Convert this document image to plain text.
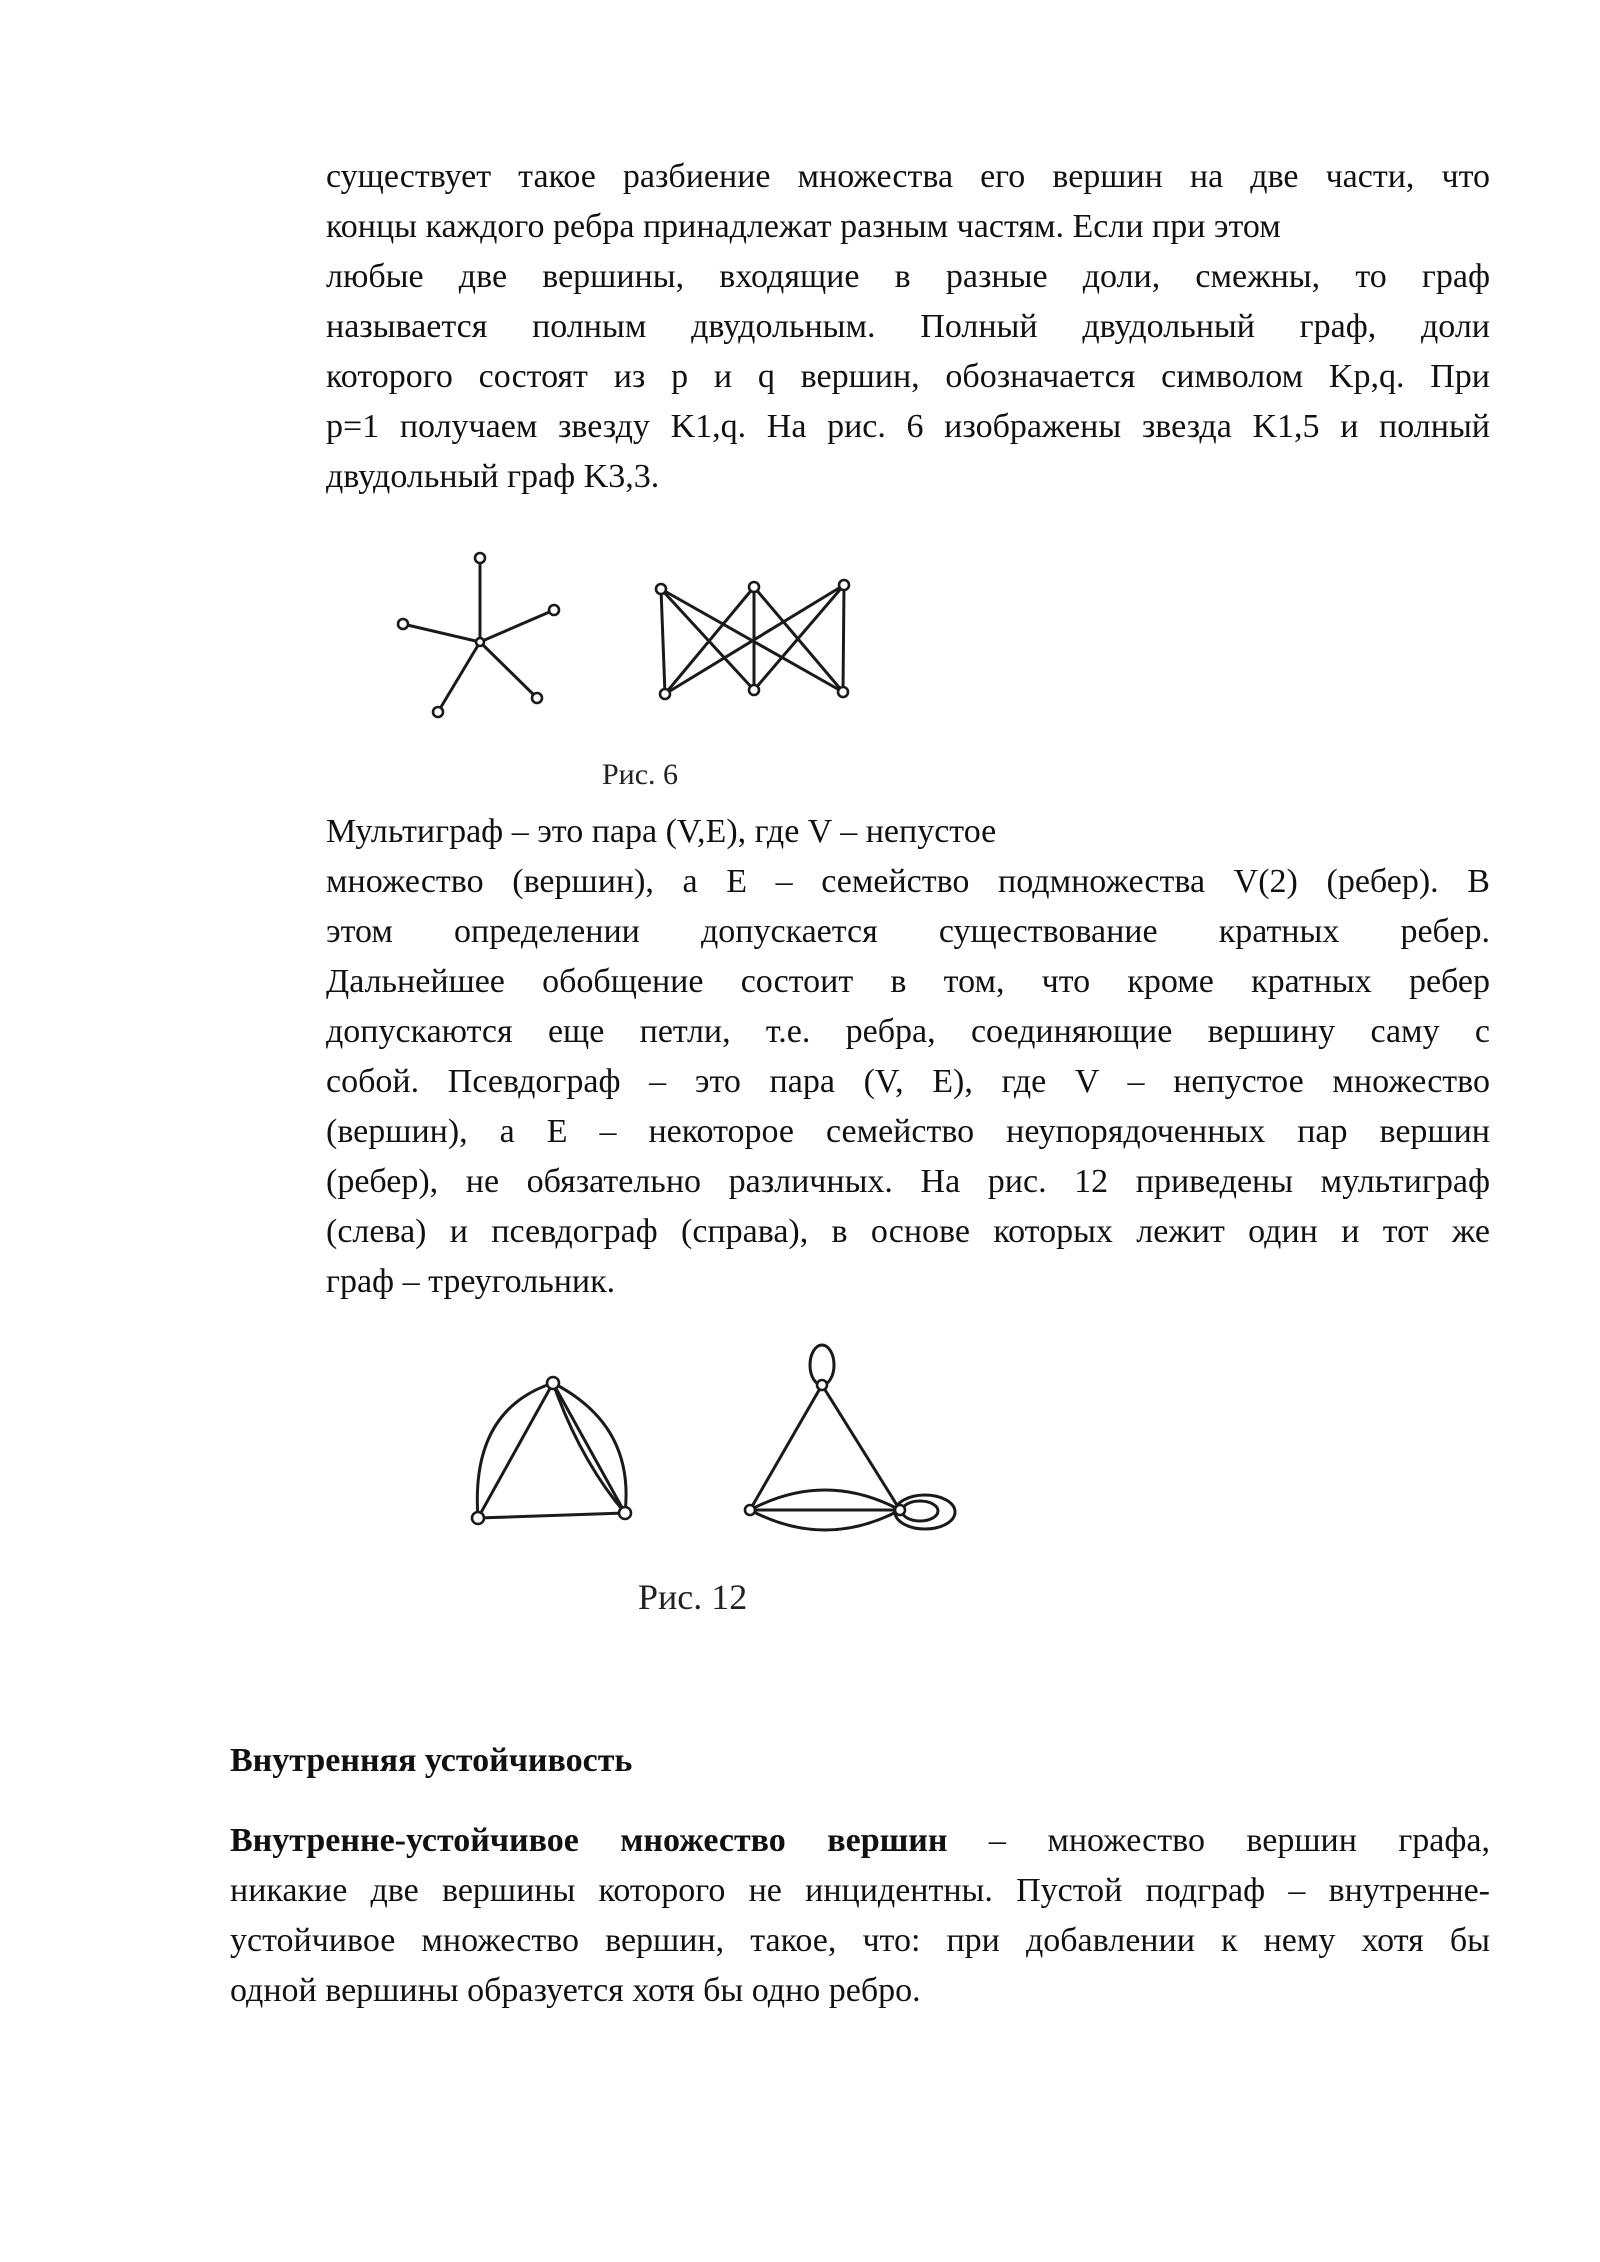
существует такое разбиение множества его вершин на две части, что
концы каждого ребра принадлежат разным частям. Если при этом
любые две вершины, входящие в разные доли, смежны, то граф
называется полным двудольным. Полный двудольный граф, доли
которого состоят из p и q вершин, обозначается символом Kp,q. При
p=1 получаем звезду K1,q. На рис. 6 изображены звезда K1,5 и полный
двудольный граф K3,3.
Рис. 6
Мультиграф – это пара (V,E), где V – непустое
множество (вершин), а E – семейство подмножества V(2) (ребер). В
этом определении допускается существование кратных ребер.
Дальнейшее обобщение состоит в том, что кроме кратных ребер
допускаются еще петли, т.е. ребра, соединяющие вершину саму с
собой. Псевдограф – это пара (V, E), где V – непустое множество
(вершин), а E – некоторое семейство неупорядоченных пар вершин
(ребер), не обязательно различных. На рис. 12 приведены мультиграф
(слева) и псевдограф (справа), в основе которых лежит один и тот же
граф – треугольник.
Рис. 12
Внутренняя устойчивость
Внутренне-устойчивое множество вершин – множество вершин графа,
никакие две вершины которого не инцидентны. Пустой подграф – внутренне-
устойчивое множество вершин, такое, что: при добавлении к нему хотя бы
одной вершины образуется хотя бы одно ребро.
